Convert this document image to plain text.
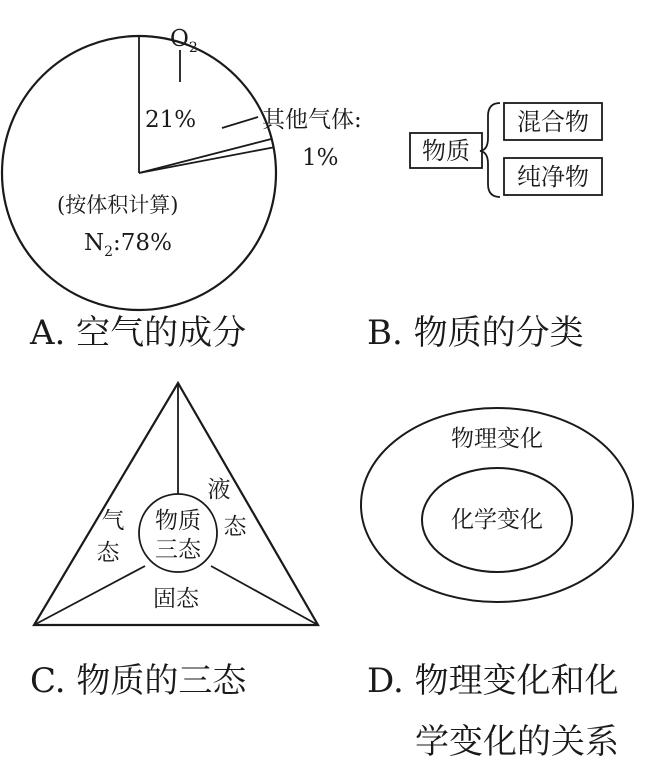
$O_2$
21%	其他气体:
1%
(按体积计算)
$N_2:78\%$
A. 空气的成分
物质
混合物
纯净物
B. 物质的分类
物质
三态
气
态
液
态
固态
C. 物质的三态
物理变化
化学变化
D. 物理变化和化
学变化的关系
